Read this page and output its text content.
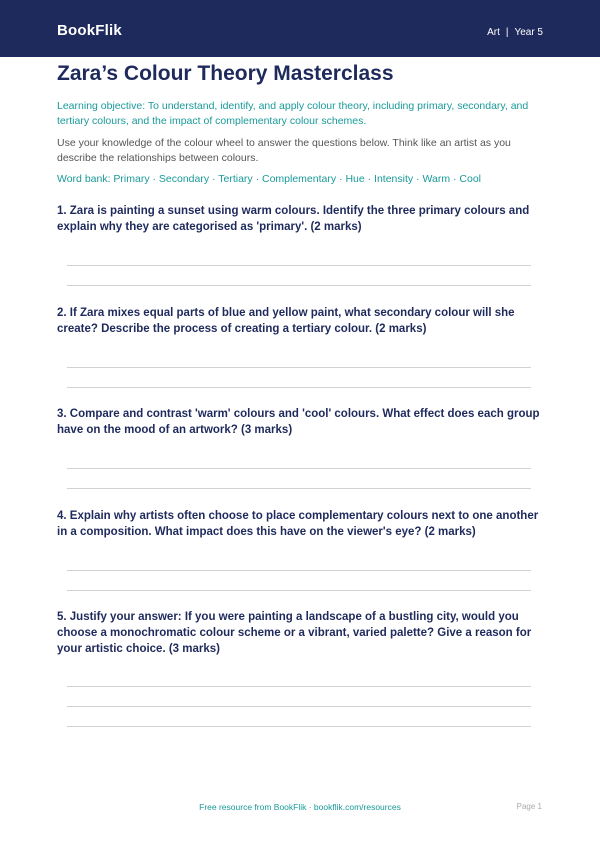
BookFlik	Art | Year 5
Zara’s Colour Theory Masterclass

Learning objective: To understand, identify, and apply colour theory, including primary, secondary, and tertiary colours, and the impact of complementary colour schemes.

Use your knowledge of the colour wheel to answer the questions below. Think like an artist as you describe the relationships between colours.

Word bank: Primary · Secondary · Tertiary · Complementary · Hue · Intensity · Warm · Cool

1. Zara is painting a sunset using warm colours. Identify the three primary colours and explain why they are categorised as 'primary'. (2 marks)

2. If Zara mixes equal parts of blue and yellow paint, what secondary colour will she create? Describe the process of creating a tertiary colour. (2 marks)

3. Compare and contrast 'warm' colours and 'cool' colours. What effect does each group have on the mood of an artwork? (3 marks)

4. Explain why artists often choose to place complementary colours next to one another in a composition. What impact does this have on the viewer's eye? (2 marks)

5. Justify your answer: If you were painting a landscape of a bustling city, would you choose a monochromatic colour scheme or a vibrant, varied palette? Give a reason for your artistic choice. (3 marks)

Free resource from BookFlik · bookflik.com/resources	Page 1
